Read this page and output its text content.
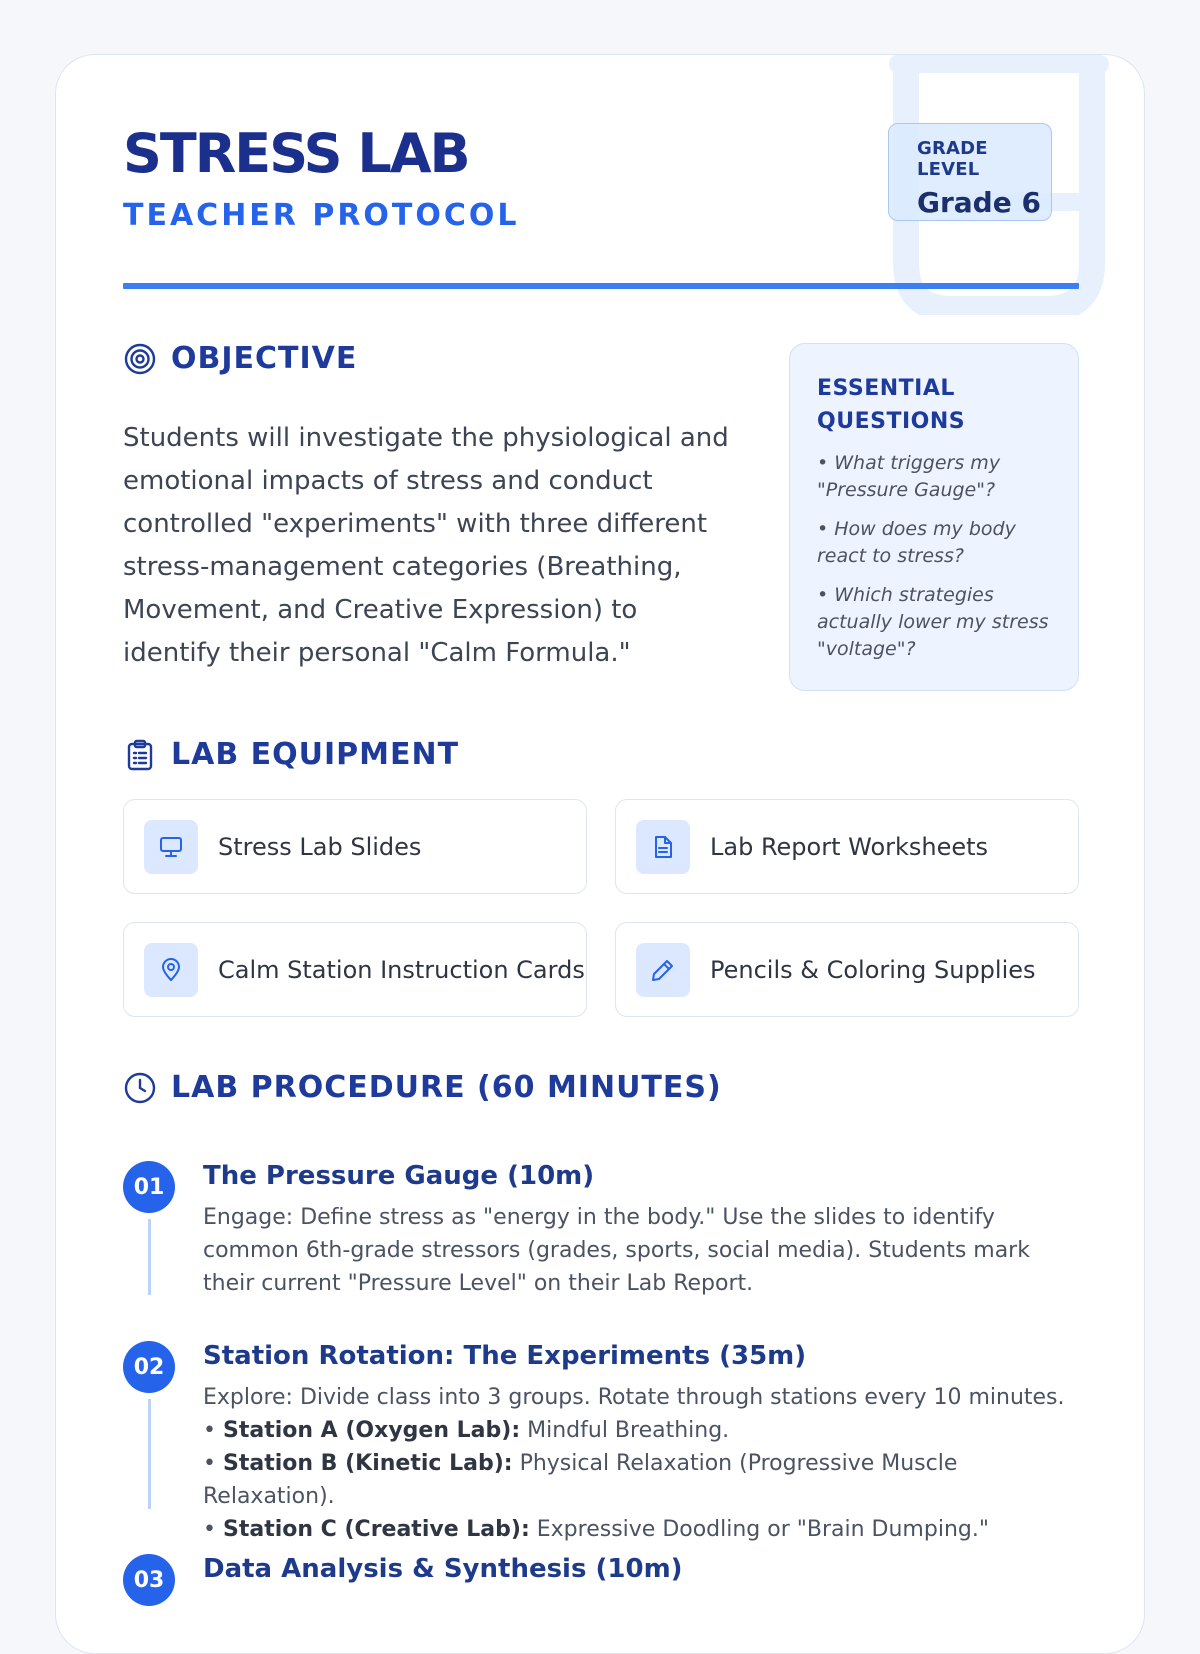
STRESS LAB
TEACHER PROTOCOL
GRADE LEVEL
Grade 6
OBJECTIVE
Students will investigate the physiological and emotional impacts of stress and conduct controlled "experiments" with three different stress-management categories (Breathing, Movement, and Creative Expression) to identify their personal "Calm Formula."
ESSENTIAL QUESTIONS
• What triggers my "Pressure Gauge"?
• How does my body react to stress?
• Which strategies actually lower my stress "voltage"?
LAB EQUIPMENT
Stress Lab Slides	Lab Report Worksheets
Calm Station Instruction Cards	Pencils & Coloring Supplies
LAB PROCEDURE (60 MINUTES)
01	The Pressure Gauge (10m)
Engage: Define stress as "energy in the body." Use the slides to identify common 6th-grade stressors (grades, sports, social media). Students mark their current "Pressure Level" on their Lab Report.
02	Station Rotation: The Experiments (35m)
Explore: Divide class into 3 groups. Rotate through stations every 10 minutes.
• Station A (Oxygen Lab): Mindful Breathing.
• Station B (Kinetic Lab): Physical Relaxation (Progressive Muscle Relaxation).
• Station C (Creative Lab): Expressive Doodling or "Brain Dumping."
03	Data Analysis & Synthesis (10m)
